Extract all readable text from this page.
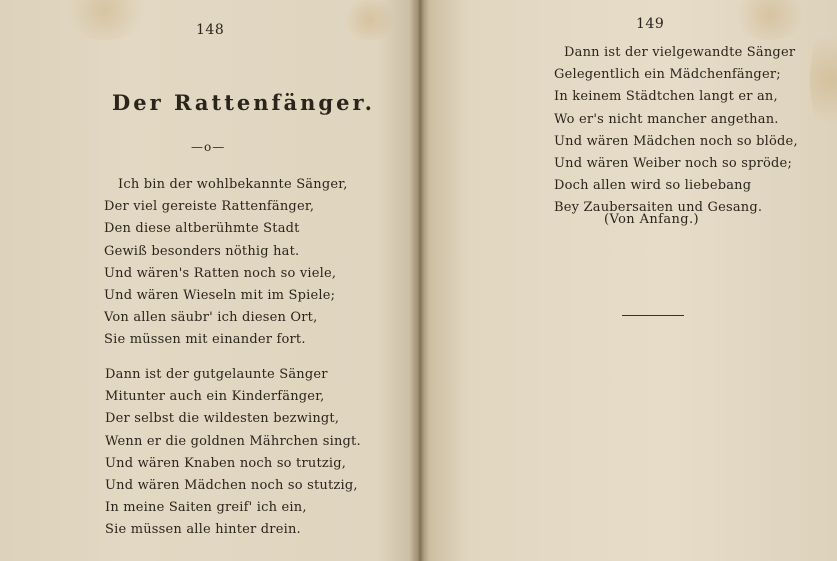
148
Der Rattenfänger.
—o—
Ich bin der wohlbekannte Sänger,
Der viel gereiste Rattenfänger,
Den diese altberühmte Stadt
Gewiß besonders nöthig hat.
Und wären's Ratten noch so viele,
Und wären Wieseln mit im Spiele;
Von allen säubr' ich diesen Ort,
Sie müssen mit einander fort.
Dann ist der gutgelaunte Sänger
Mitunter auch ein Kinderfänger,
Der selbst die wildesten bezwingt,
Wenn er die goldnen Mährchen singt.
Und wären Knaben noch so trutzig,
Und wären Mädchen noch so stutzig,
In meine Saiten greif' ich ein,
Sie müssen alle hinter drein.
149
Dann ist der vielgewandte Sänger
Gelegentlich ein Mädchenfänger;
In keinem Städtchen langt er an,
Wo er's nicht mancher angethan.
Und wären Mädchen noch so blöde,
Und wären Weiber noch so spröde;
Doch allen wird so liebebang
Bey Zaubersaiten und Gesang.
(Von Anfang.)
